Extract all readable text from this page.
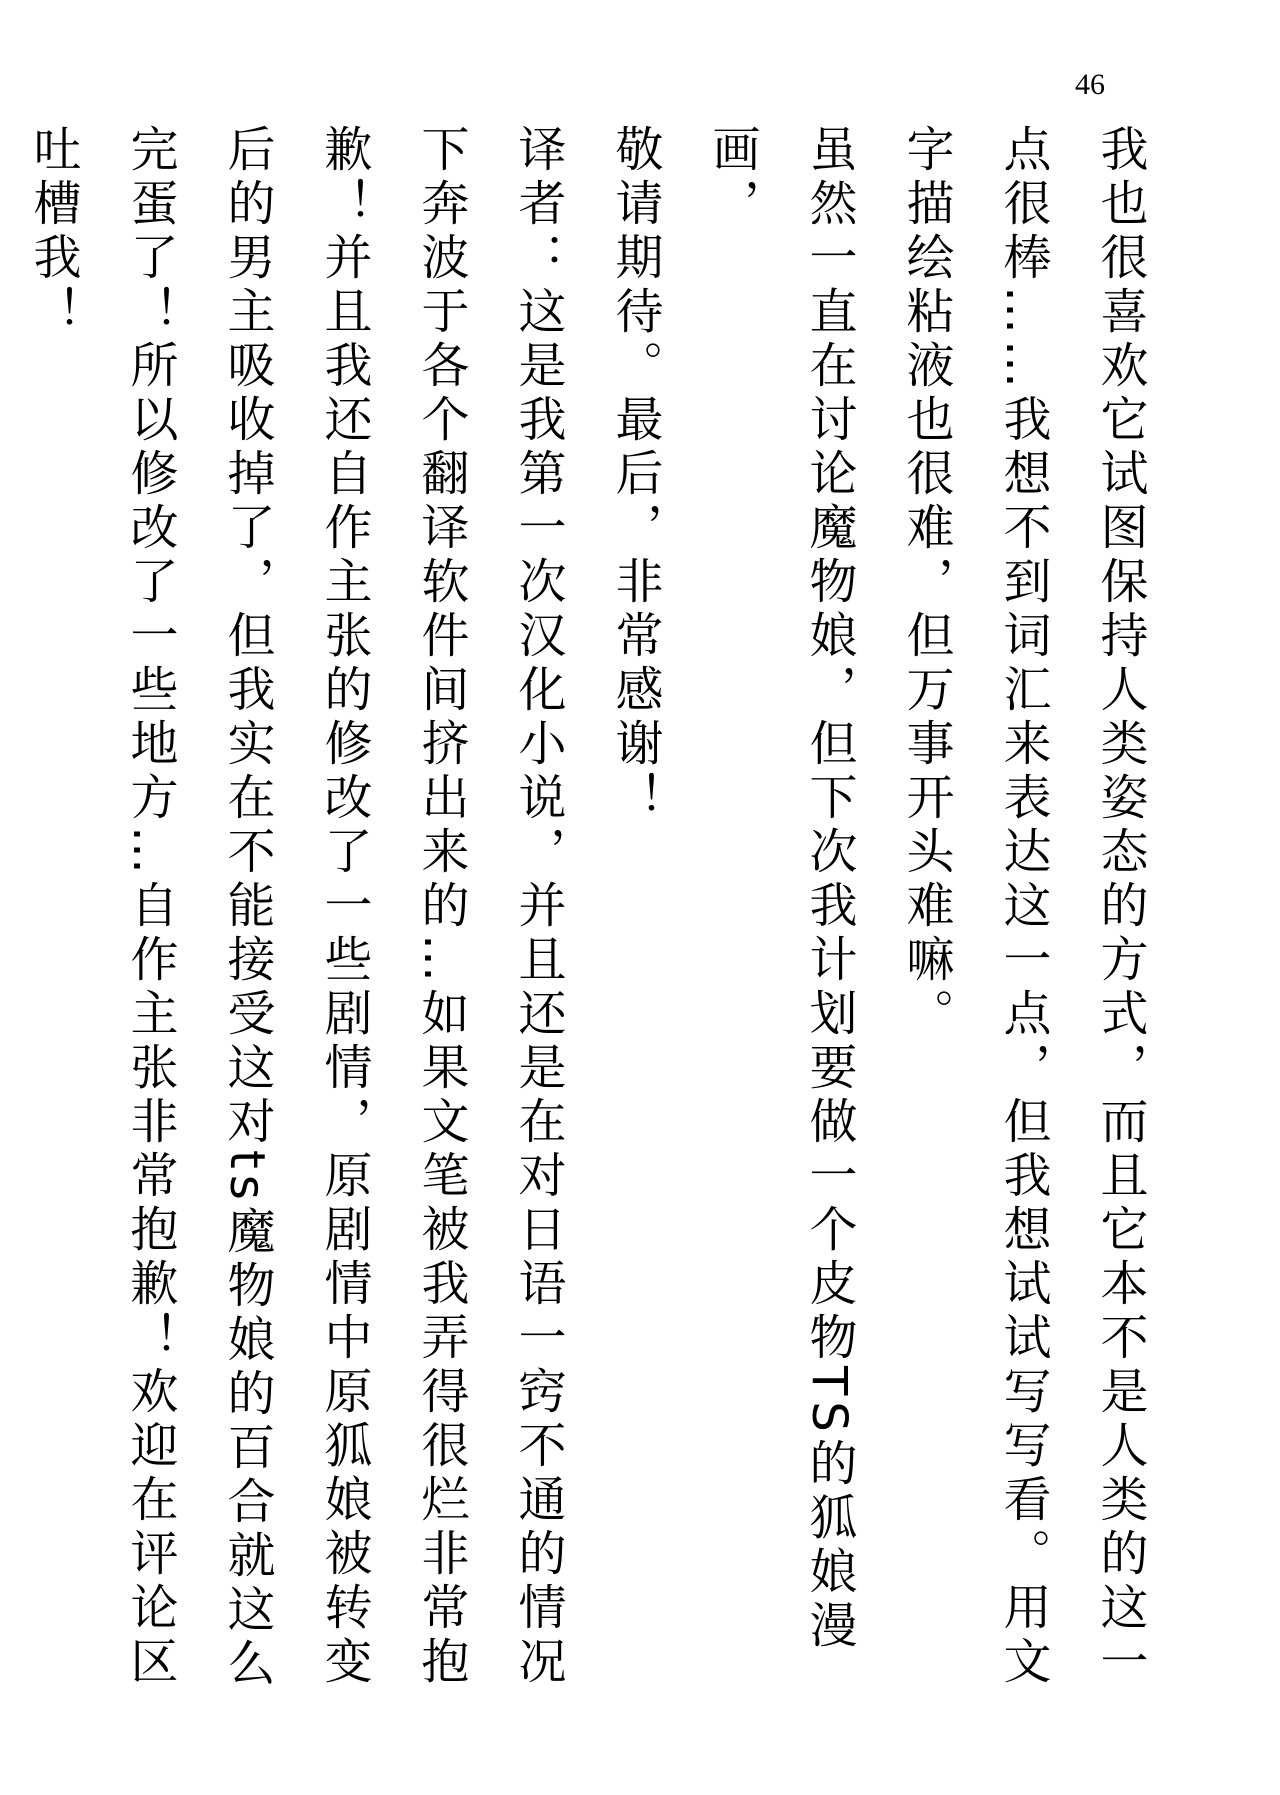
46

我也很喜欢它试图保持人类姿态的方式，而且它本不是人类的这一点很棒……我想不到词汇来表达这一点，但我想试试写写看。用文字描绘粘液也很难，但万事开头难嘛。

虽然一直在讨论魔物娘，但下次我计划要做一个皮物TS的狐娘漫画，

敬请期待。最后，非常感谢！

译者：这是我第一次汉化小说，并且还是在对日语一窍不通的情况下奔波于各个翻译软件间挤出来的…如果文笔被我弄得很烂非常抱歉！并且我还自作主张的修改了一些剧情，原剧情中原狐娘被转变后的男主吸收掉了，但我实在不能接受这对ts魔物娘的百合就这么完蛋了！所以修改了一些地方…自作主张非常抱歉！欢迎在评论区吐槽我！
